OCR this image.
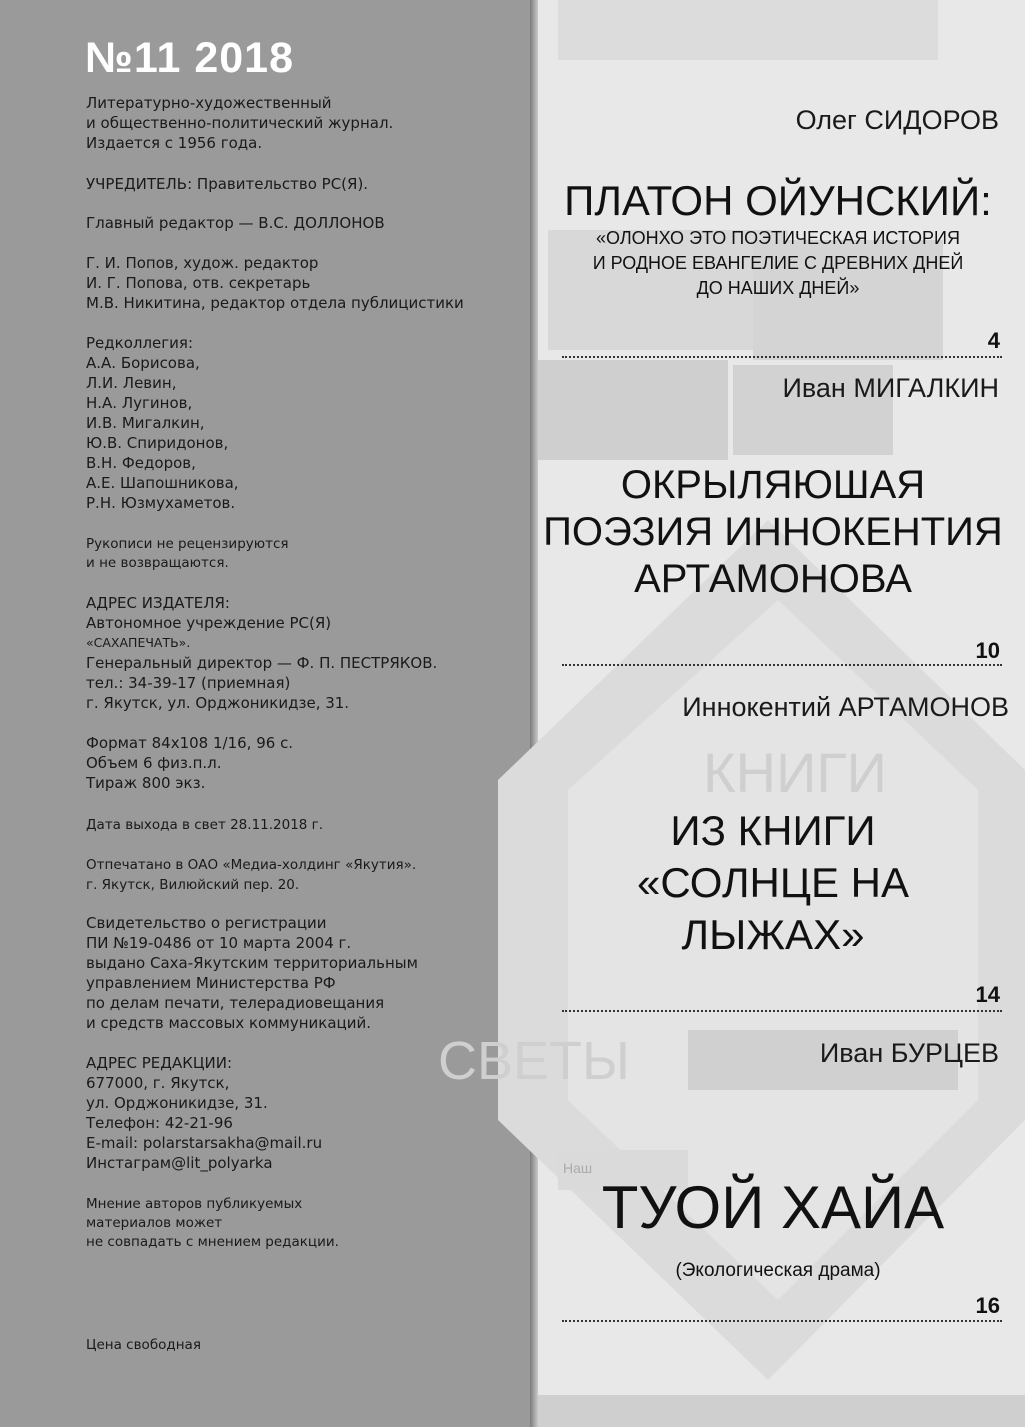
№11 2018
Литературно-художественный
и общественно-политический журнал.
Издается с 1956 года.
УЧРЕДИТЕЛЬ: Правительство РС(Я).
Главный редактор — В.С. ДОЛЛОНОВ
Г. И. Попов, худож. редактор
И. Г. Попова, отв. секретарь
М.В. Никитина, редактор отдела публицистики
Редколлегия:
А.А. Борисова,
Л.И. Левин,
Н.А. Лугинов,
И.В. Мигалкин,
Ю.В. Спиридонов,
В.Н. Федоров,
А.Е. Шапошникова,
Р.Н. Юзмухаметов.
Рукописи не рецензируются
и не возвращаются.
АДРЕС ИЗДАТЕЛЯ:
Автономное учреждение РС(Я)
«САХАПЕЧАТЬ».
Генеральный директор — Ф. П. ПЕСТРЯКОВ.
тел.: 34-39-17 (приемная)
г. Якутск, ул. Орджоникидзе, 31.
Формат 84х108 1/16, 96 с.
Объем 6 физ.п.л.
Тираж 800 экз.
Дата выхода в свет 28.11.2018 г.
Отпечатано в ОАО «Медиа-холдинг «Якутия».
г. Якутск, Вилюйский пер. 20.
Свидетельство о регистрации
ПИ №19-0486 от 10 марта 2004 г.
выдано Саха-Якутским территориальным
управлением Министерства РФ
по делам печати, телерадиовещания
и средств массовых коммуникаций.
АДРЕС РЕДАКЦИИ:
677000, г. Якутск,
ул. Орджоникидзе, 31.
Телефон: 42-21-96
E-mail: polarstarsakha@mail.ru
Инстаграм@lit_polyarka
Мнение авторов публикуемых
материалов может
не совпадать с мнением редакции.
Цена свободная
КНИГИ
СВЕТЫ
Наш
Олег СИДОРОВ
ПЛАТОН ОЙУНСКИЙ:
«ОЛОНХО ЭТО ПОЭТИЧЕСКАЯ ИСТОРИЯ
И РОДНОЕ ЕВАНГЕЛИЕ С ДРЕВНИХ ДНЕЙ
ДО НАШИХ ДНЕЙ»
4
Иван МИГАЛКИН
ОКРЫЛЯЮШАЯ
ПОЭЗИЯ ИННОКЕНТИЯ
АРТАМОНОВА
10
Иннокентий АРТАМОНОВ
ИЗ КНИГИ
«СОЛНЦЕ НА
ЛЫЖАХ»
14
Иван БУРЦЕВ
ТУОЙ ХАЙА
(Экологическая драма)
16
